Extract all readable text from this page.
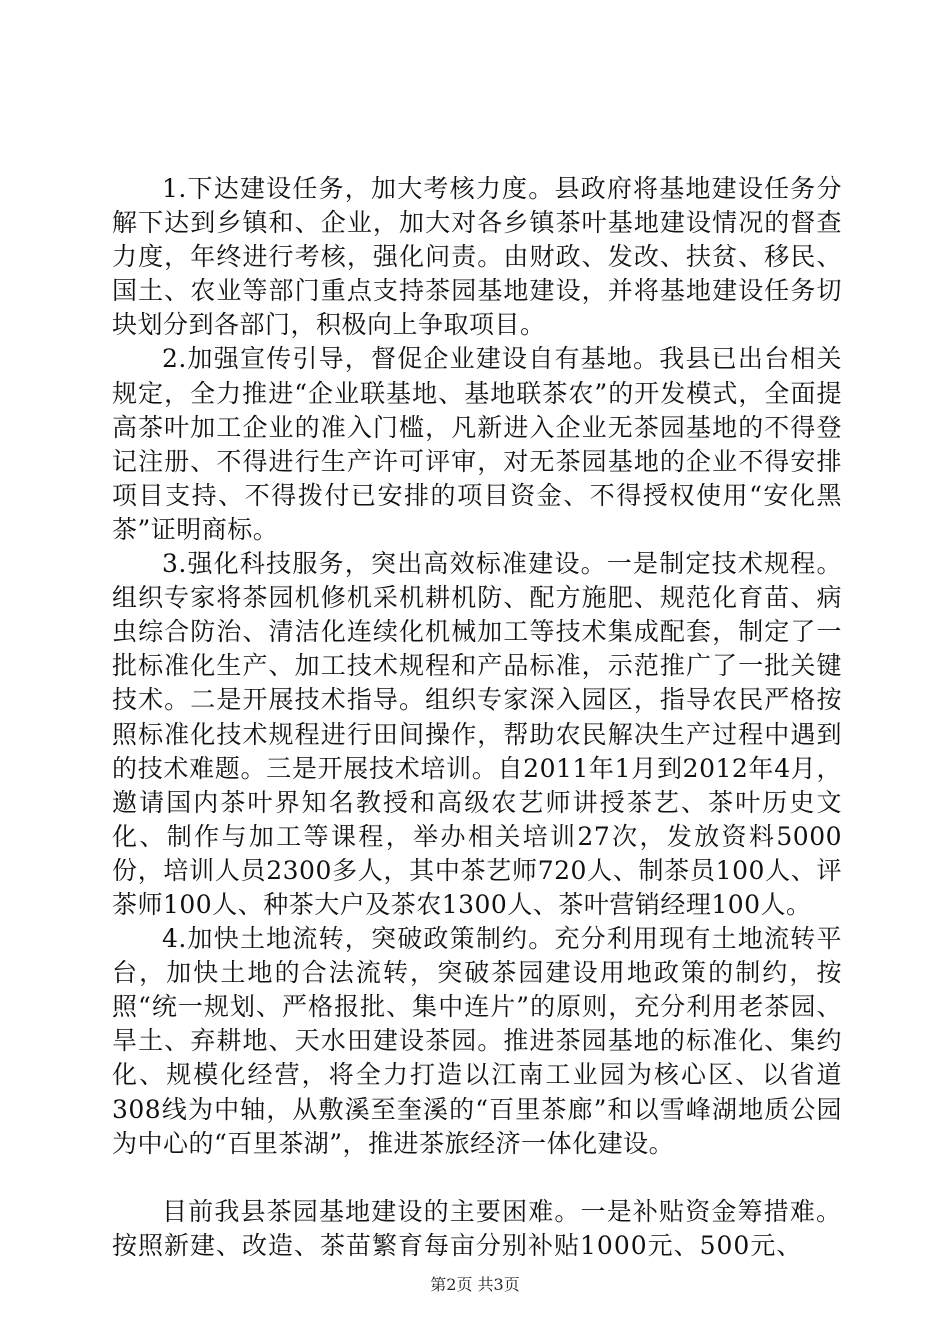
1.下达建设任务，加大考核力度。县政府将基地建设任务分解下达到乡镇和、企业，加大对各乡镇茶叶基地建设情况的督查力度，年终进行考核，强化问责。由财政、发改、扶贫、移民、国土、农业等部门重点支持茶园基地建设，并将基地建设任务切块划分到各部门，积极向上争取项目。

2.加强宣传引导，督促企业建设自有基地。我县已出台相关规定，全力推进“企业联基地、基地联茶农”的开发模式，全面提高茶叶加工企业的准入门槛，凡新进入企业无茶园基地的不得登记注册、不得进行生产许可评审，对无茶园基地的企业不得安排项目支持、不得拨付已安排的项目资金、不得授权使用“安化黑茶”证明商标。

3.强化科技服务，突出高效标准建设。一是制定技术规程。组织专家将茶园机修机采机耕机防、配方施肥、规范化育苗、病虫综合防治、清洁化连续化机械加工等技术集成配套，制定了一批标准化生产、加工技术规程和产品标准，示范推广了一批关键技术。二是开展技术指导。组织专家深入园区，指导农民严格按照标准化技术规程进行田间操作，帮助农民解决生产过程中遇到的技术难题。三是开展技术培训。自2011年1月到2012年4月，邀请国内茶叶界知名教授和高级农艺师讲授茶艺、茶叶历史文化、制作与加工等课程，举办相关培训27次，发放资料5000份，培训人员2300多人，其中茶艺师720人、制茶员100人、评茶师100人、种茶大户及茶农1300人、茶叶营销经理100人。

4.加快土地流转，突破政策制约。充分利用现有土地流转平台，加快土地的合法流转，突破茶园建设用地政策的制约，按照“统一规划、严格报批、集中连片”的原则，充分利用老茶园、旱土、弃耕地、天水田建设茶园。推进茶园基地的标准化、集约化、规模化经营，将全力打造以江南工业园为核心区、以省道308线为中轴，从敷溪至奎溪的“百里茶廊”和以雪峰湖地质公园为中心的“百里茶湖”，推进茶旅经济一体化建设。

目前我县茶园基地建设的主要困难。一是补贴资金筹措难。按照新建、改造、茶苗繁育每亩分别补贴1000元、500元、

第2页 共3页
